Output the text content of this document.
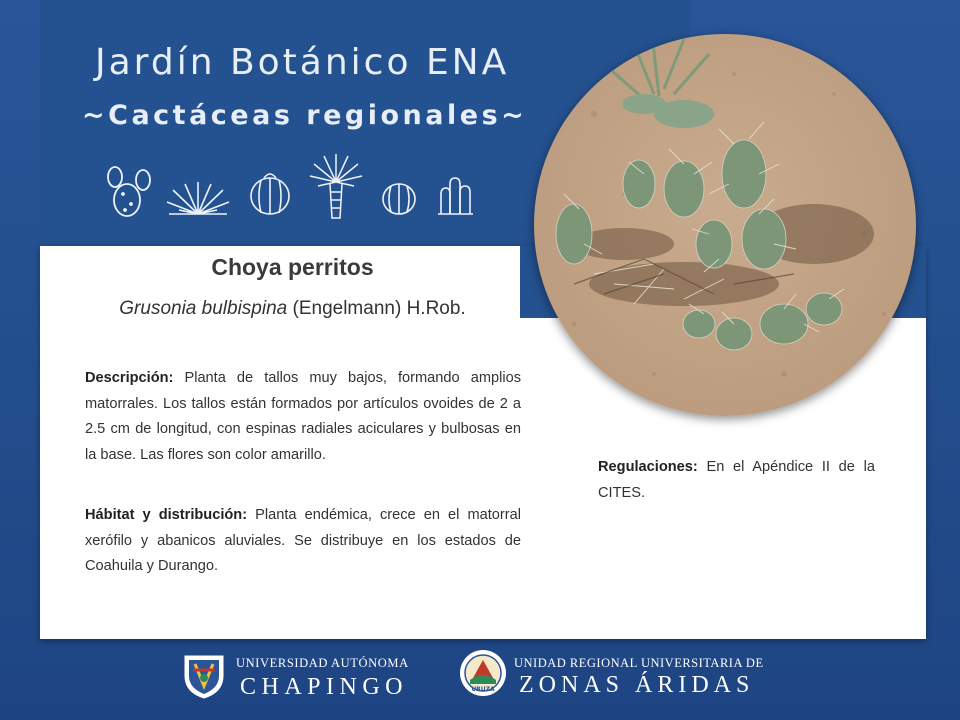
Jardín Botánico ENA
~Cactáceas regionales~
Choya perritos
Grusonia bulbispina (Engelmann) H.Rob.

Descripción: Planta de tallos muy bajos, formando amplios matorrales. Los tallos están formados por artículos ovoides de 2 a 2.5 cm de longitud, con espinas radiales aciculares y bulbosas en la base. Las flores son color amarillo.

Hábitat y distribución: Planta endémica, crece en el matorral xerófilo y abanicos aluviales. Se distribuye en los estados de Coahuila y Durango.

Regulaciones: En el Apéndice II de la CITES.

UNIVERSIDAD AUTÓNOMA
CHAPINGO	URUZA
UNIDAD REGIONAL UNIVERSITARIA DE
ZONAS ÁRIDAS
